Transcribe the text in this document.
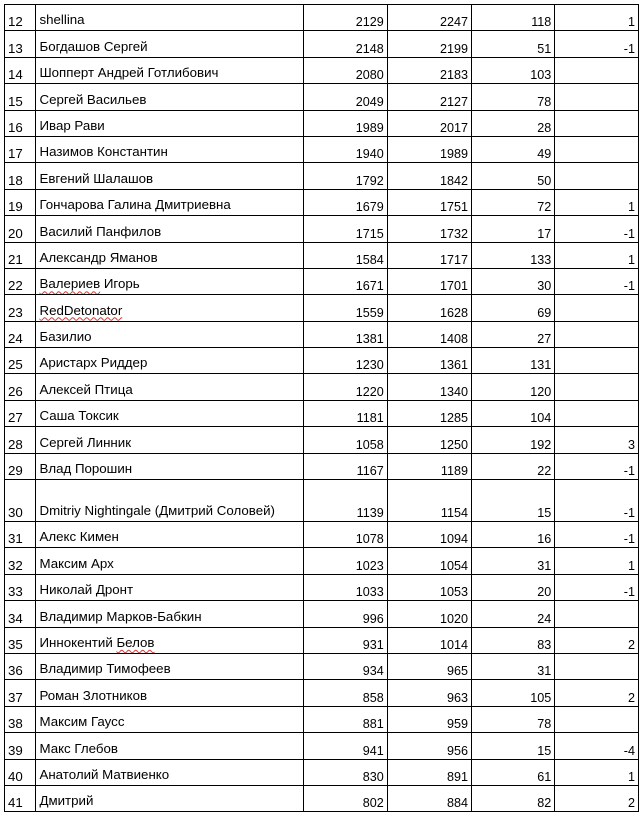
12	shellina	2129	2247	118	1
13	Богдашов Сергей	2148	2199	51	-1
14	Шопперт Андрей Готлибович	2080	2183	103	
15	Сергей Васильев	2049	2127	78	
16	Ивар Рави	1989	2017	28	
17	Назимов Константин	1940	1989	49	
18	Евгений Шалашов	1792	1842	50	
19	Гончарова Галина Дмитриевна	1679	1751	72	1
20	Василий Панфилов	1715	1732	17	-1
21	Александр Яманов	1584	1717	133	1
22	Валериев Игорь	1671	1701	30	-1
23	RedDetonator	1559	1628	69	
24	Базилио	1381	1408	27	
25	Аристарх Риддер	1230	1361	131	
26	Алексей Птица	1220	1340	120	
27	Саша Токсик	1181	1285	104	
28	Сергей Линник	1058	1250	192	3
29	Влад Порошин	1167	1189	22	-1
30	Dmitriy Nightingale (Дмитрий Соловей)	1139	1154	15	-1
31	Алекс Кимен	1078	1094	16	-1
32	Максим Арх	1023	1054	31	1
33	Николай Дронт	1033	1053	20	-1
34	Владимир Марков-Бабкин	996	1020	24	
35	Иннокентий Белов	931	1014	83	2
36	Владимир Тимофеев	934	965	31	
37	Роман Злотников	858	963	105	2
38	Максим Гаусс	881	959	78	
39	Макс Глебов	941	956	15	-4
40	Анатолий Матвиенко	830	891	61	1
41	Дмитрий	802	884	82	2
